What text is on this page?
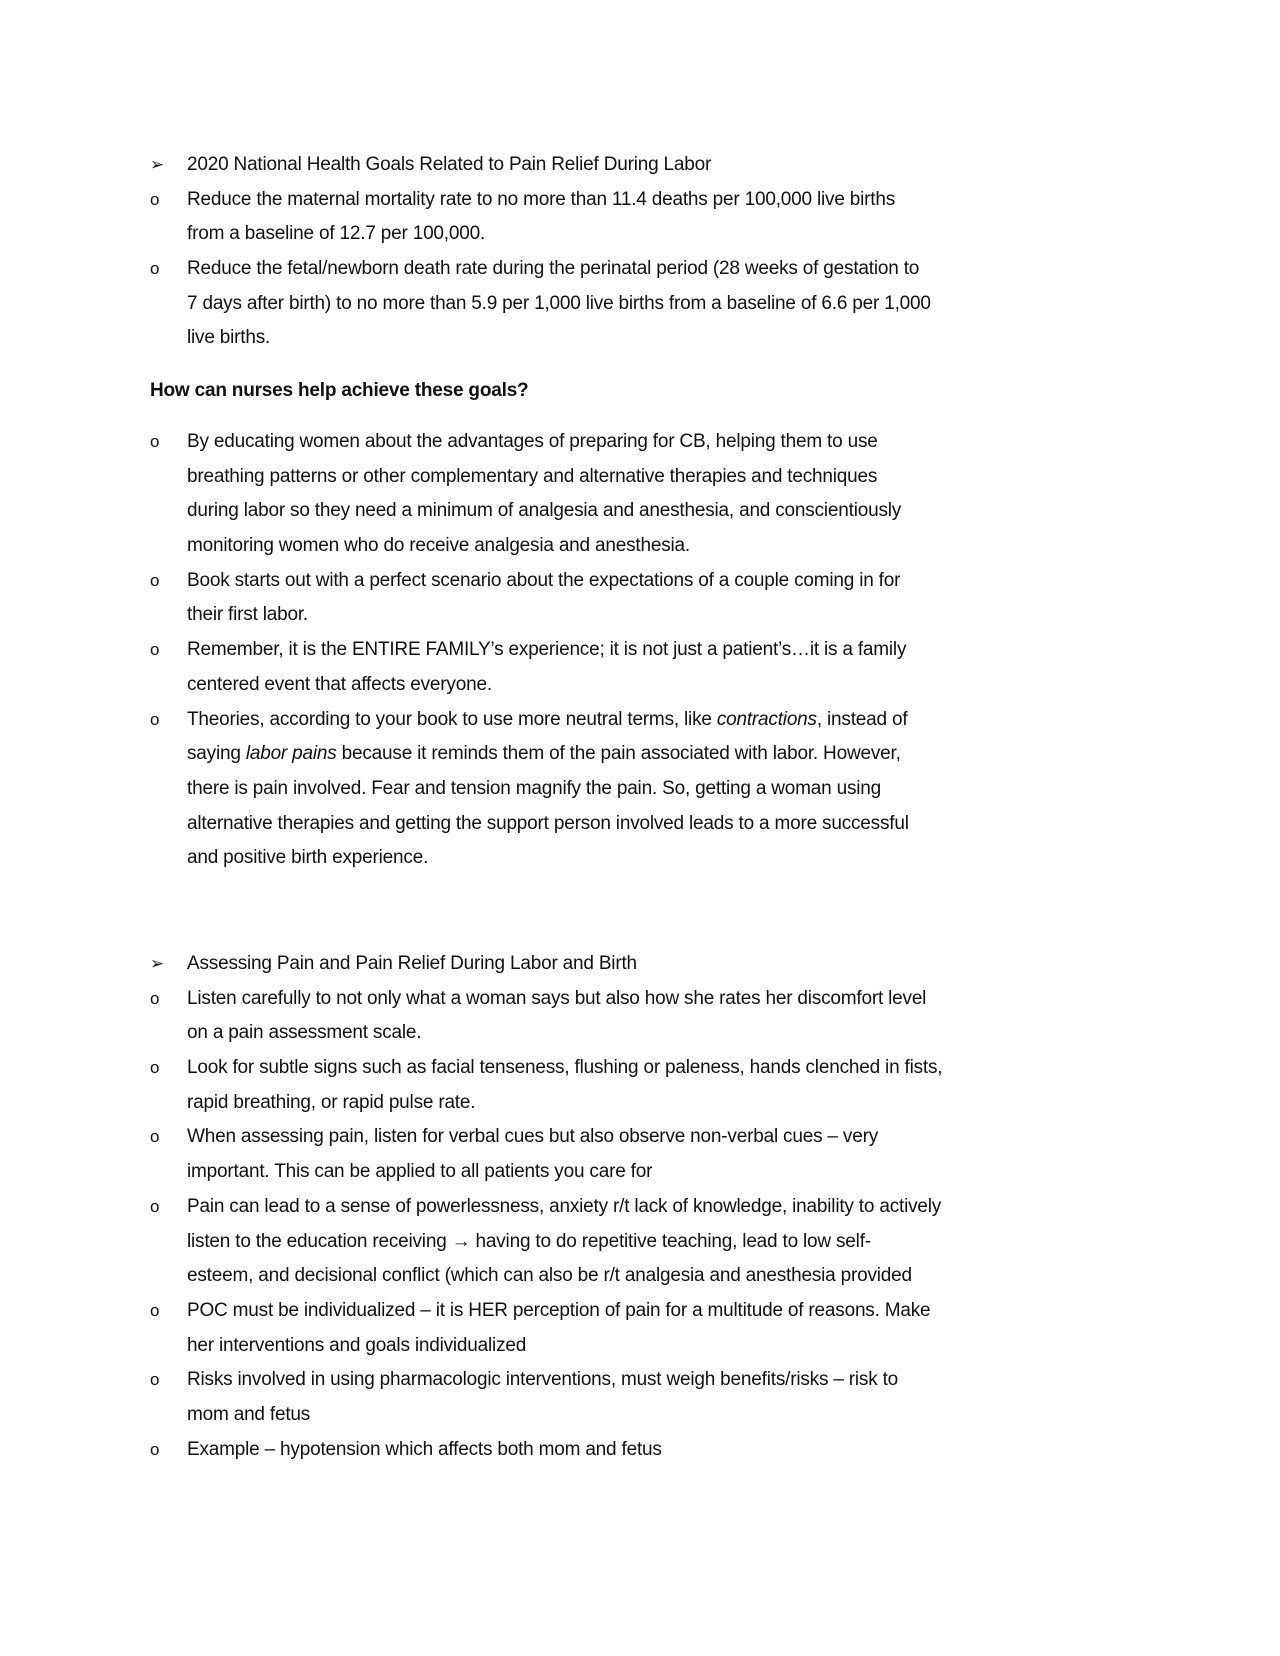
➢	2020 National Health Goals Related to Pain Relief During Labor
o	Reduce the maternal mortality rate to no more than 11.4 deaths per 100,000 live births
from a baseline of 12.7 per 100,000.
o	Reduce the fetal/newborn death rate during the perinatal period (28 weeks of gestation to
7 days after birth) to no more than 5.9 per 1,000 live births from a baseline of 6.6 per 1,000
live births.
How can nurses help achieve these goals?
o	By educating women about the advantages of preparing for CB, helping them to use
breathing patterns or other complementary and alternative therapies and techniques
during labor so they need a minimum of analgesia and anesthesia, and conscientiously
monitoring women who do receive analgesia and anesthesia.
o	Book starts out with a perfect scenario about the expectations of a couple coming in for
their first labor.
o	Remember, it is the ENTIRE FAMILY’s experience; it is not just a patient’s…it is a family
centered event that affects everyone.
o	Theories, according to your book to use more neutral terms, like contractions, instead of
saying labor pains because it reminds them of the pain associated with labor. However,
there is pain involved. Fear and tension magnify the pain. So, getting a woman using
alternative therapies and getting the support person involved leads to a more successful
and positive birth experience.
➢	Assessing Pain and Pain Relief During Labor and Birth
o	Listen carefully to not only what a woman says but also how she rates her discomfort level
on a pain assessment scale.
o	Look for subtle signs such as facial tenseness, flushing or paleness, hands clenched in fists,
rapid breathing, or rapid pulse rate.
o	When assessing pain, listen for verbal cues but also observe non-verbal cues – very
important. This can be applied to all patients you care for
o	Pain can lead to a sense of powerlessness, anxiety r/t lack of knowledge, inability to actively
listen to the education receiving → having to do repetitive teaching, lead to low self-
esteem, and decisional conflict (which can also be r/t analgesia and anesthesia provided
o	POC must be individualized – it is HER perception of pain for a multitude of reasons. Make
her interventions and goals individualized
o	Risks involved in using pharmacologic interventions, must weigh benefits/risks – risk to
mom and fetus
o	Example – hypotension which affects both mom and fetus
